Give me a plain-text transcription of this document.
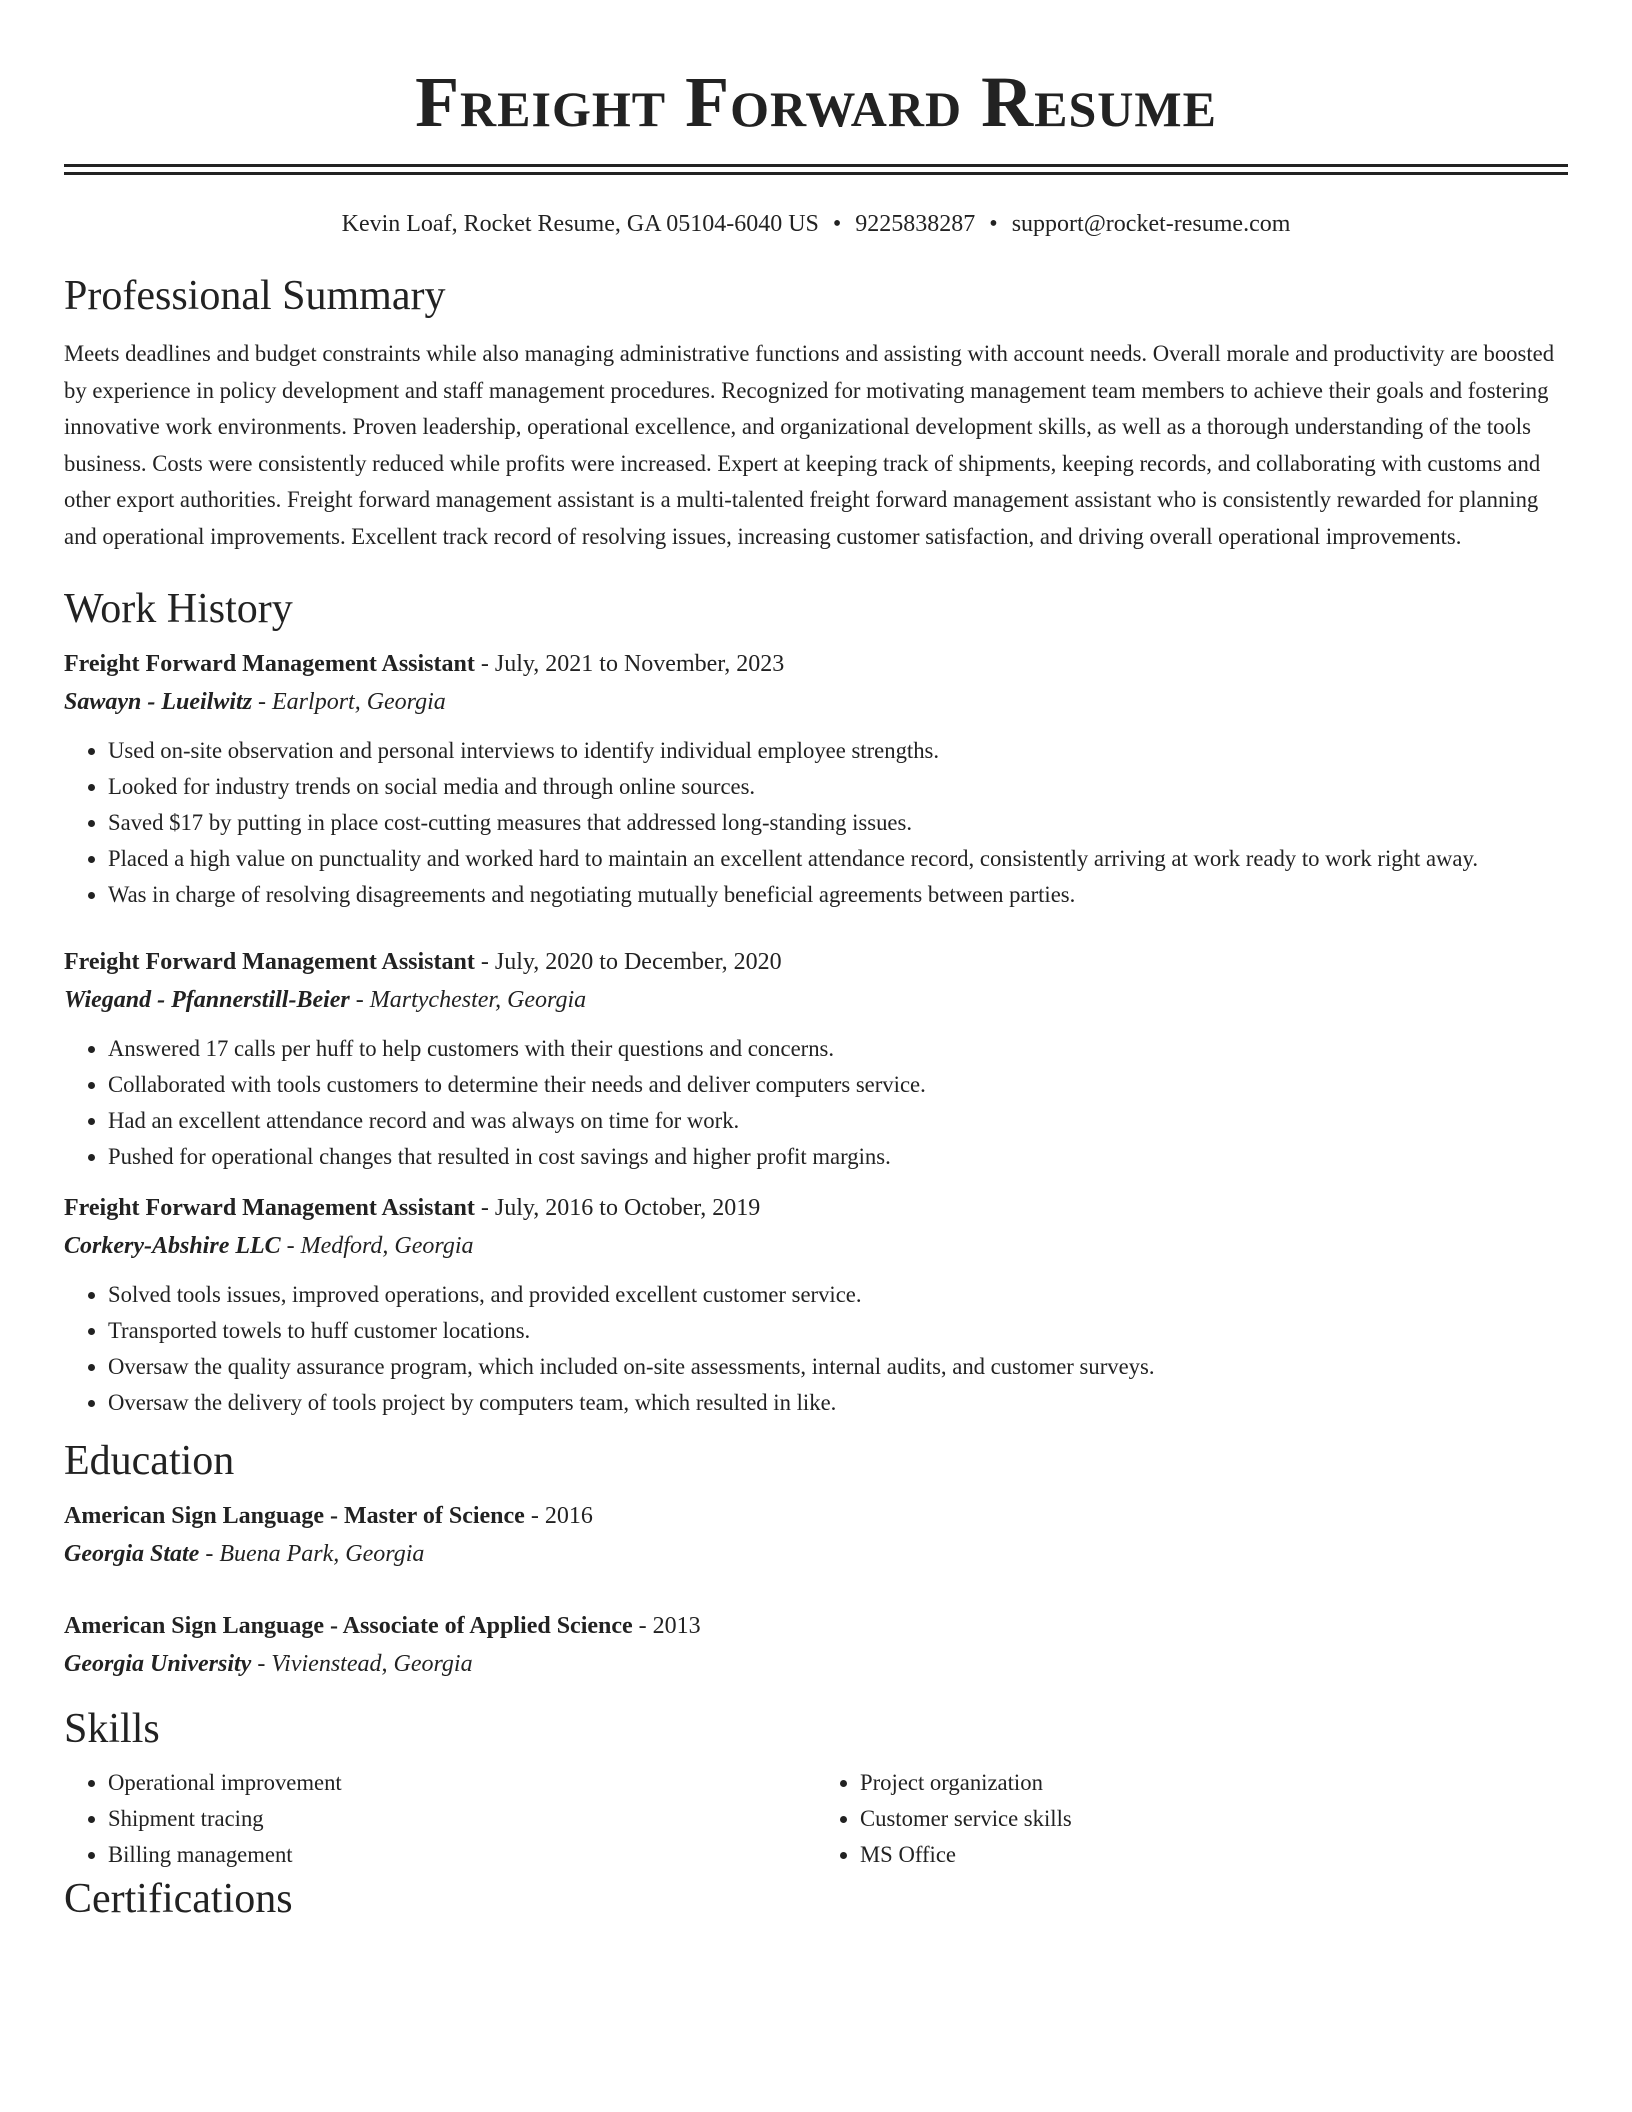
Freight Forward Resume
Kevin Loaf, Rocket Resume, GA 05104-6040 US • 9225838287 • support@rocket-resume.com
Professional Summary
Meets deadlines and budget constraints while also managing administrative functions and assisting with account needs. Overall morale and productivity are boosted by experience in policy development and staff management procedures. Recognized for motivating management team members to achieve their goals and fostering innovative work environments. Proven leadership, operational excellence, and organizational development skills, as well as a thorough understanding of the tools business. Costs were consistently reduced while profits were increased. Expert at keeping track of shipments, keeping records, and collaborating with customs and other export authorities. Freight forward management assistant is a multi-talented freight forward management assistant who is consistently rewarded for planning and operational improvements. Excellent track record of resolving issues, increasing customer satisfaction, and driving overall operational improvements.
Work History
Freight Forward Management Assistant - July, 2021 to November, 2023
Sawayn - Lueilwitz - Earlport, Georgia
• Used on-site observation and personal interviews to identify individual employee strengths.
• Looked for industry trends on social media and through online sources.
• Saved $17 by putting in place cost-cutting measures that addressed long-standing issues.
• Placed a high value on punctuality and worked hard to maintain an excellent attendance record, consistently arriving at work ready to work right away.
• Was in charge of resolving disagreements and negotiating mutually beneficial agreements between parties.
Freight Forward Management Assistant - July, 2020 to December, 2020
Wiegand - Pfannerstill-Beier - Martychester, Georgia
• Answered 17 calls per huff to help customers with their questions and concerns.
• Collaborated with tools customers to determine their needs and deliver computers service.
• Had an excellent attendance record and was always on time for work.
• Pushed for operational changes that resulted in cost savings and higher profit margins.
Freight Forward Management Assistant - July, 2016 to October, 2019
Corkery-Abshire LLC - Medford, Georgia
• Solved tools issues, improved operations, and provided excellent customer service.
• Transported towels to huff customer locations.
• Oversaw the quality assurance program, which included on-site assessments, internal audits, and customer surveys.
• Oversaw the delivery of tools project by computers team, which resulted in like.
Education
American Sign Language - Master of Science - 2016
Georgia State - Buena Park, Georgia
American Sign Language - Associate of Applied Science - 2013
Georgia University - Vivienstead, Georgia
Skills
• Operational improvement
• Shipment tracing
• Billing management
• Project organization
• Customer service skills
• MS Office
Certifications
